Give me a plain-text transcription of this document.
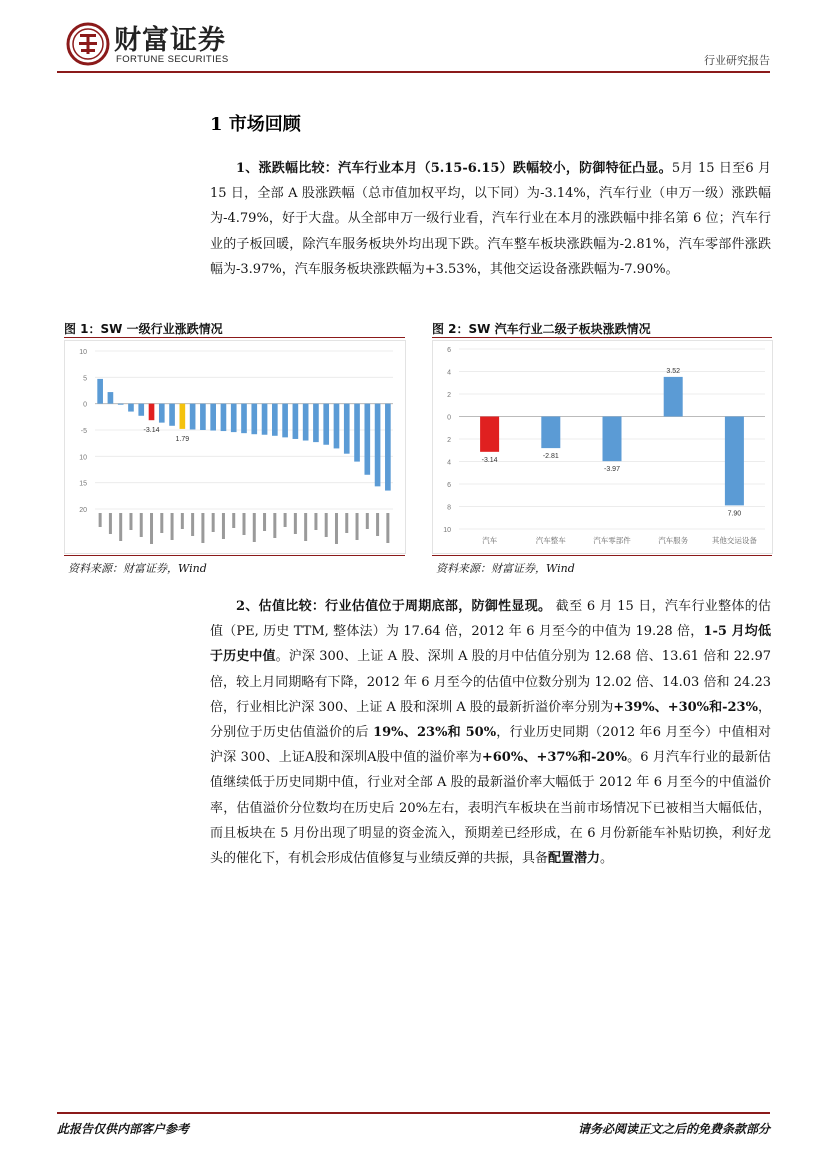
财富证券
FORTUNE SECURITIES	行业研究报告
1 市场回顾
1、涨跌幅比较：汽车行业本月（5.15-6.15）跌幅较小，防御特征凸显。5月 15 日至6 月 15 日，全部 A 股涨跌幅（总市值加权平均，以下同）为-3.14%，汽车行业（申万一级）涨跌幅为-4.79%，好于大盘。从全部申万一级行业看，汽车行业在本月的涨跌幅中排名第 6 位；汽车行业的子板回暖，除汽车服务板块外均出现下跌。汽车整车板块涨跌幅为-2.81%，汽车零部件涨跌幅为-3.97%，汽车服务板块涨跌幅为+3.53%，其他交运设备涨跌幅为-7.90%。
图 1：SW 一级行业涨跌情况
10
5
0
-5
10
15
20
-3.14
1.79
资料来源：财富证券，Wind
图 2：SW 汽车行业二级子板块涨跌情况
6
4
2
0
2
4
6
8
10
-3.14
汽车
-2.81
汽车整车
-3.97
汽车零部件
3.52
汽车服务
7.90
其他交运设备
资料来源：财富证券，Wind
2、估值比较：行业估值位于周期底部，防御性显现。 截至 6 月 15 日，汽车行业整体的估值（PE, 历史 TTM, 整体法）为 17.64 倍，2012 年 6 月至今的中值为 19.28 倍，1-5 月均低于历史中值。沪深 300、上证 A 股、深圳 A 股的月中估值分别为 12.68 倍、13.61 倍和 22.97 倍，较上月同期略有下降，2012 年 6 月至今的估值中位数分别为 12.02 倍、14.03 倍和 24.23 倍，行业相比沪深 300、上证 A 股和深圳 A 股的最新折溢价率分别为+39%、+30%和-23%，分别位于历史估值溢价的后 19%、23%和 50%，行业历史同期（2012 年6 月至今）中值相对沪深 300、上证A股和深圳A股中值的溢价率为+60%、+37%和-20%。6 月汽车行业的最新估值继续低于历史同期中值，行业对全部 A 股的最新溢价率大幅低于 2012 年 6 月至今的中值溢价率，估值溢价分位数均在历史后 20%左右，表明汽车板块在当前市场情况下已被相当大幅低估，而且板块在 5 月份出现了明显的资金流入，预期差已经形成，在 6 月份新能车补贴切换，利好龙头的催化下，有机会形成估值修复与业绩反弹的共振，具备配置潜力。
此报告仅供内部客户参考	请务必阅读正文之后的免费条款部分
